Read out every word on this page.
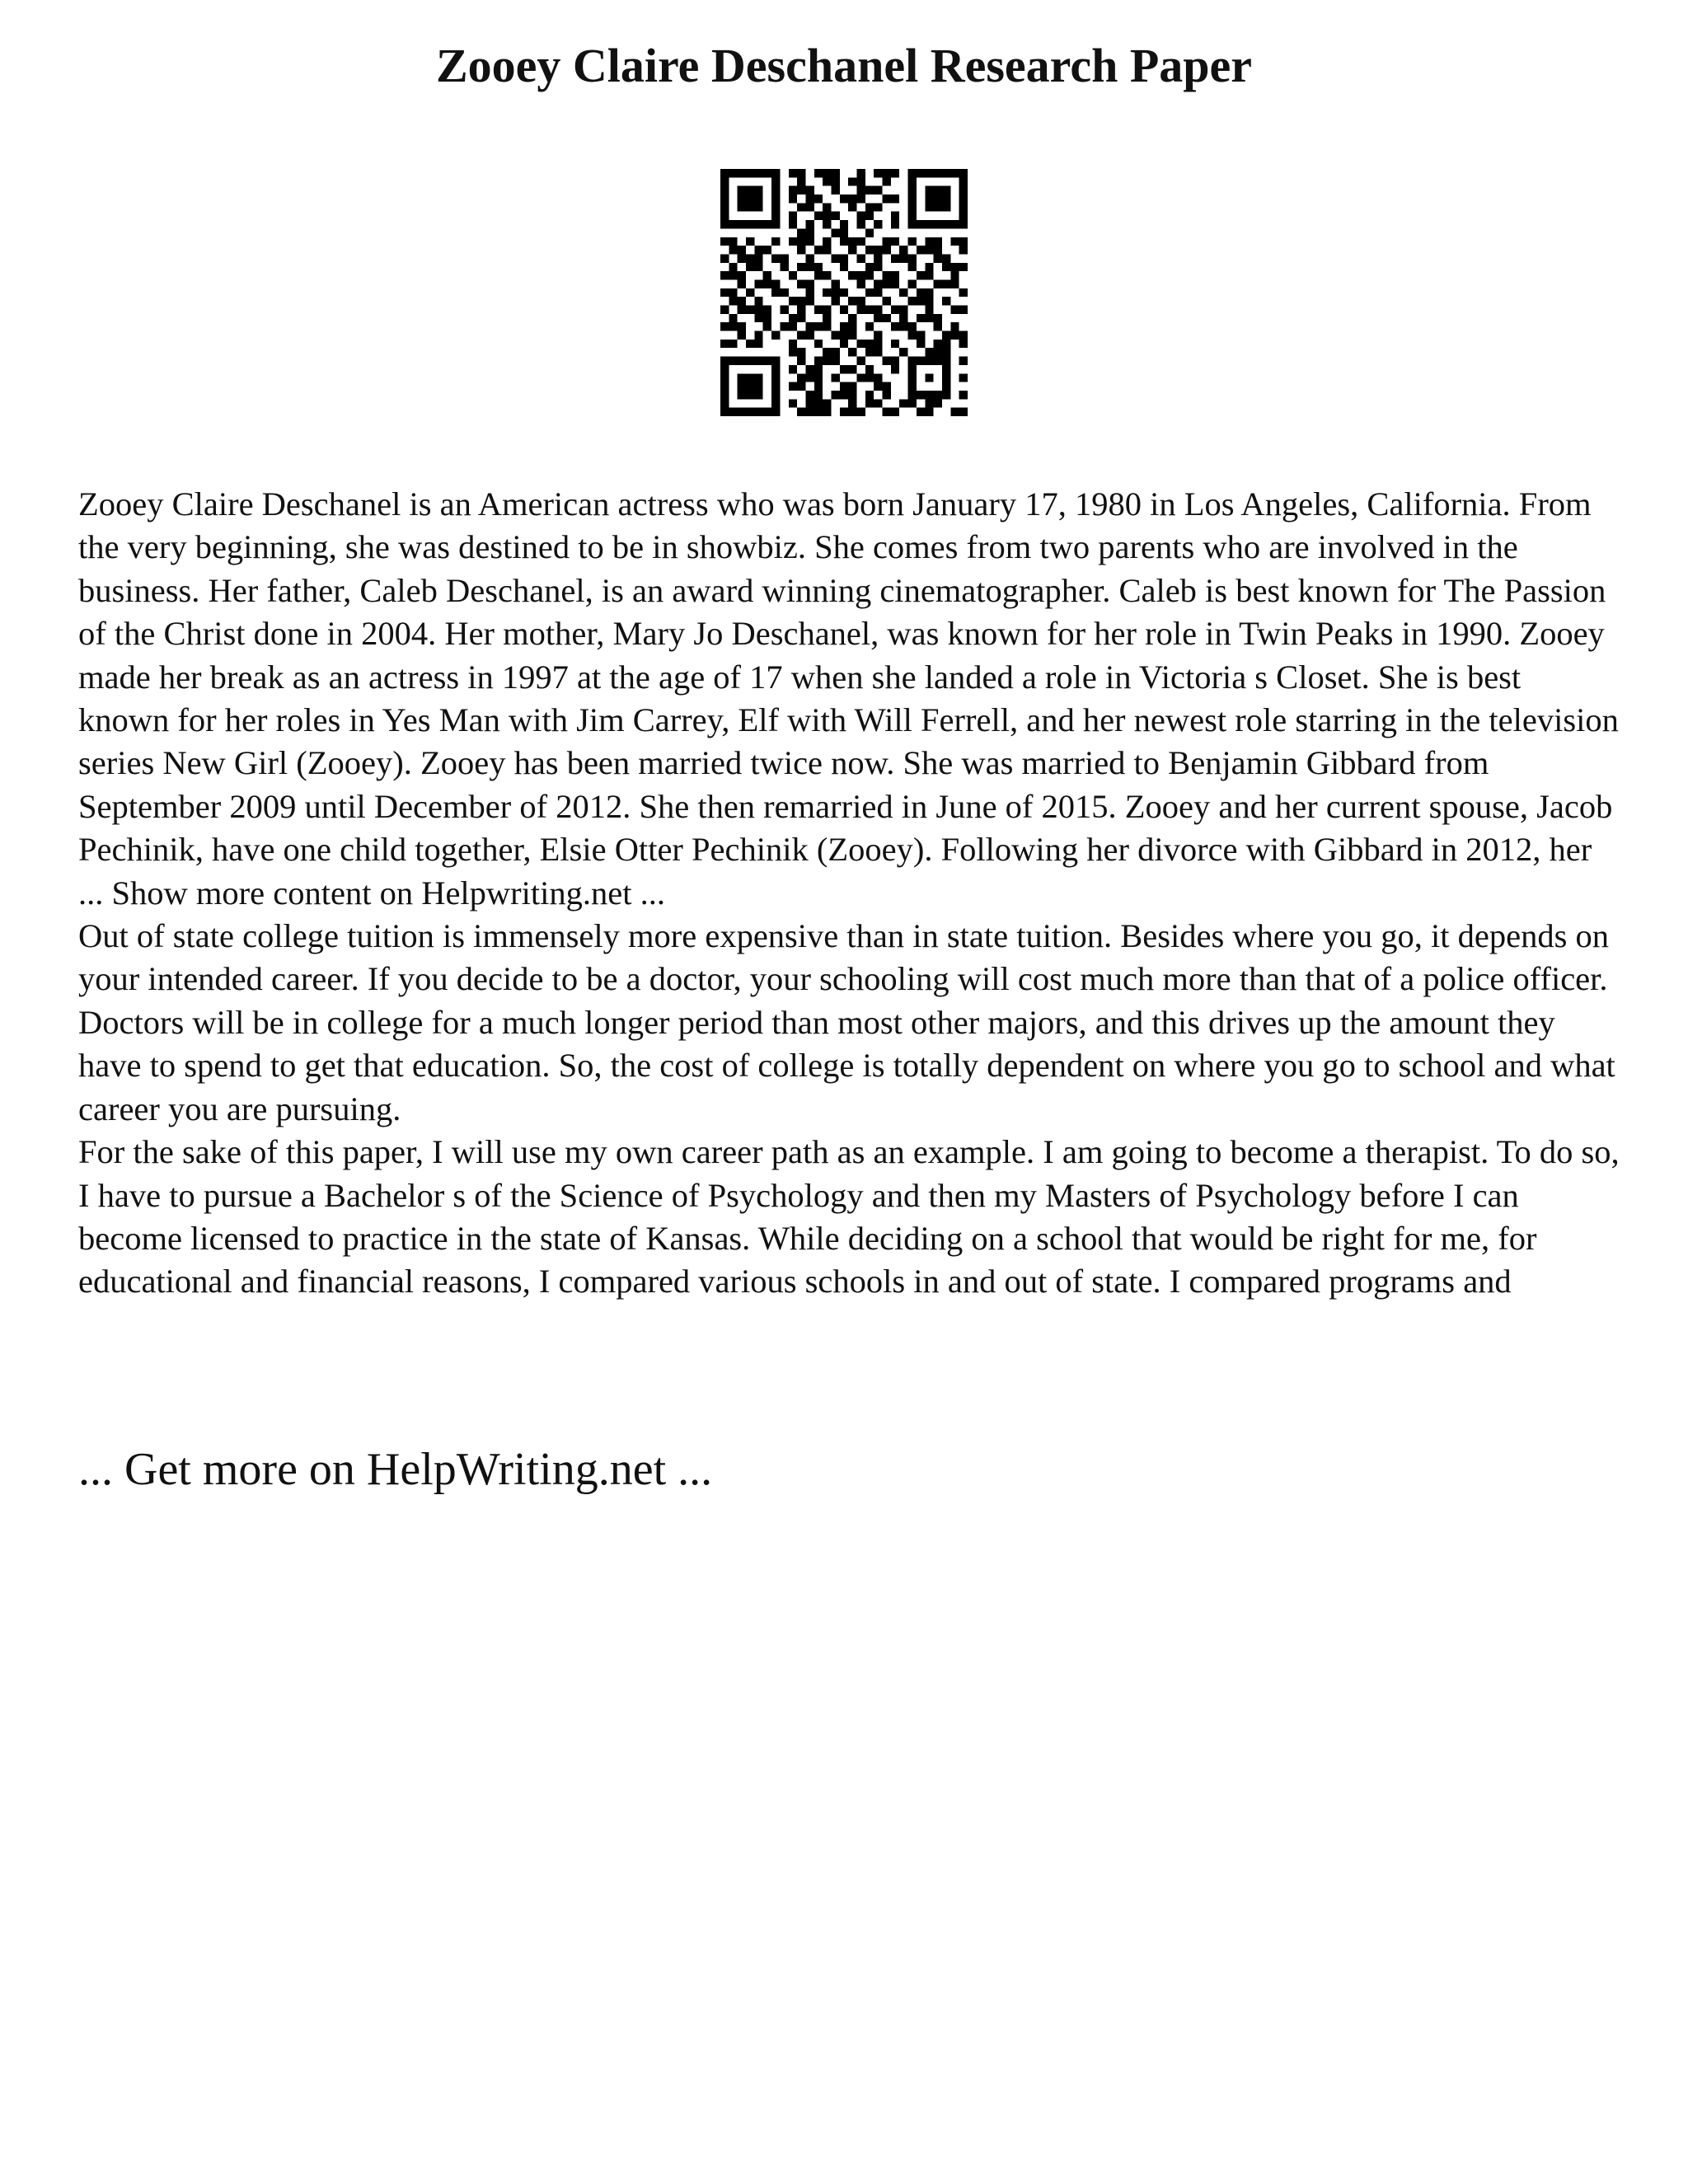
Zooey Claire Deschanel Research Paper

Zooey Claire Deschanel is an American actress who was born January 17, 1980 in Los Angeles, California. From the very beginning, she was destined to be in showbiz. She comes from two parents who are involved in the business. Her father, Caleb Deschanel, is an award winning cinematographer. Caleb is best known for The Passion of the Christ done in 2004. Her mother, Mary Jo Deschanel, was known for her role in Twin Peaks in 1990. Zooey made her break as an actress in 1997 at the age of 17 when she landed a role in Victoria s Closet. She is best known for her roles in Yes Man with Jim Carrey, Elf with Will Ferrell, and her newest role starring in the television series New Girl (Zooey). Zooey has been married twice now. She was married to Benjamin Gibbard from September 2009 until December of 2012. She then remarried in June of 2015. Zooey and her current spouse, Jacob Pechinik, have one child together, Elsie Otter Pechinik (Zooey). Following her divorce with Gibbard in 2012, her ... Show more content on Helpwriting.net ...

Out of state college tuition is immensely more expensive than in state tuition. Besides where you go, it depends on your intended career. If you decide to be a doctor, your schooling will cost much more than that of a police officer. Doctors will be in college for a much longer period than most other majors, and this drives up the amount they have to spend to get that education. So, the cost of college is totally dependent on where you go to school and what career you are pursuing.

For the sake of this paper, I will use my own career path as an example. I am going to become a therapist. To do so, I have to pursue a Bachelor s of the Science of Psychology and then my Masters of Psychology before I can become licensed to practice in the state of Kansas. While deciding on a school that would be right for me, for educational and financial reasons, I compared various schools in and out of state. I compared programs and

... Get more on HelpWriting.net ...
